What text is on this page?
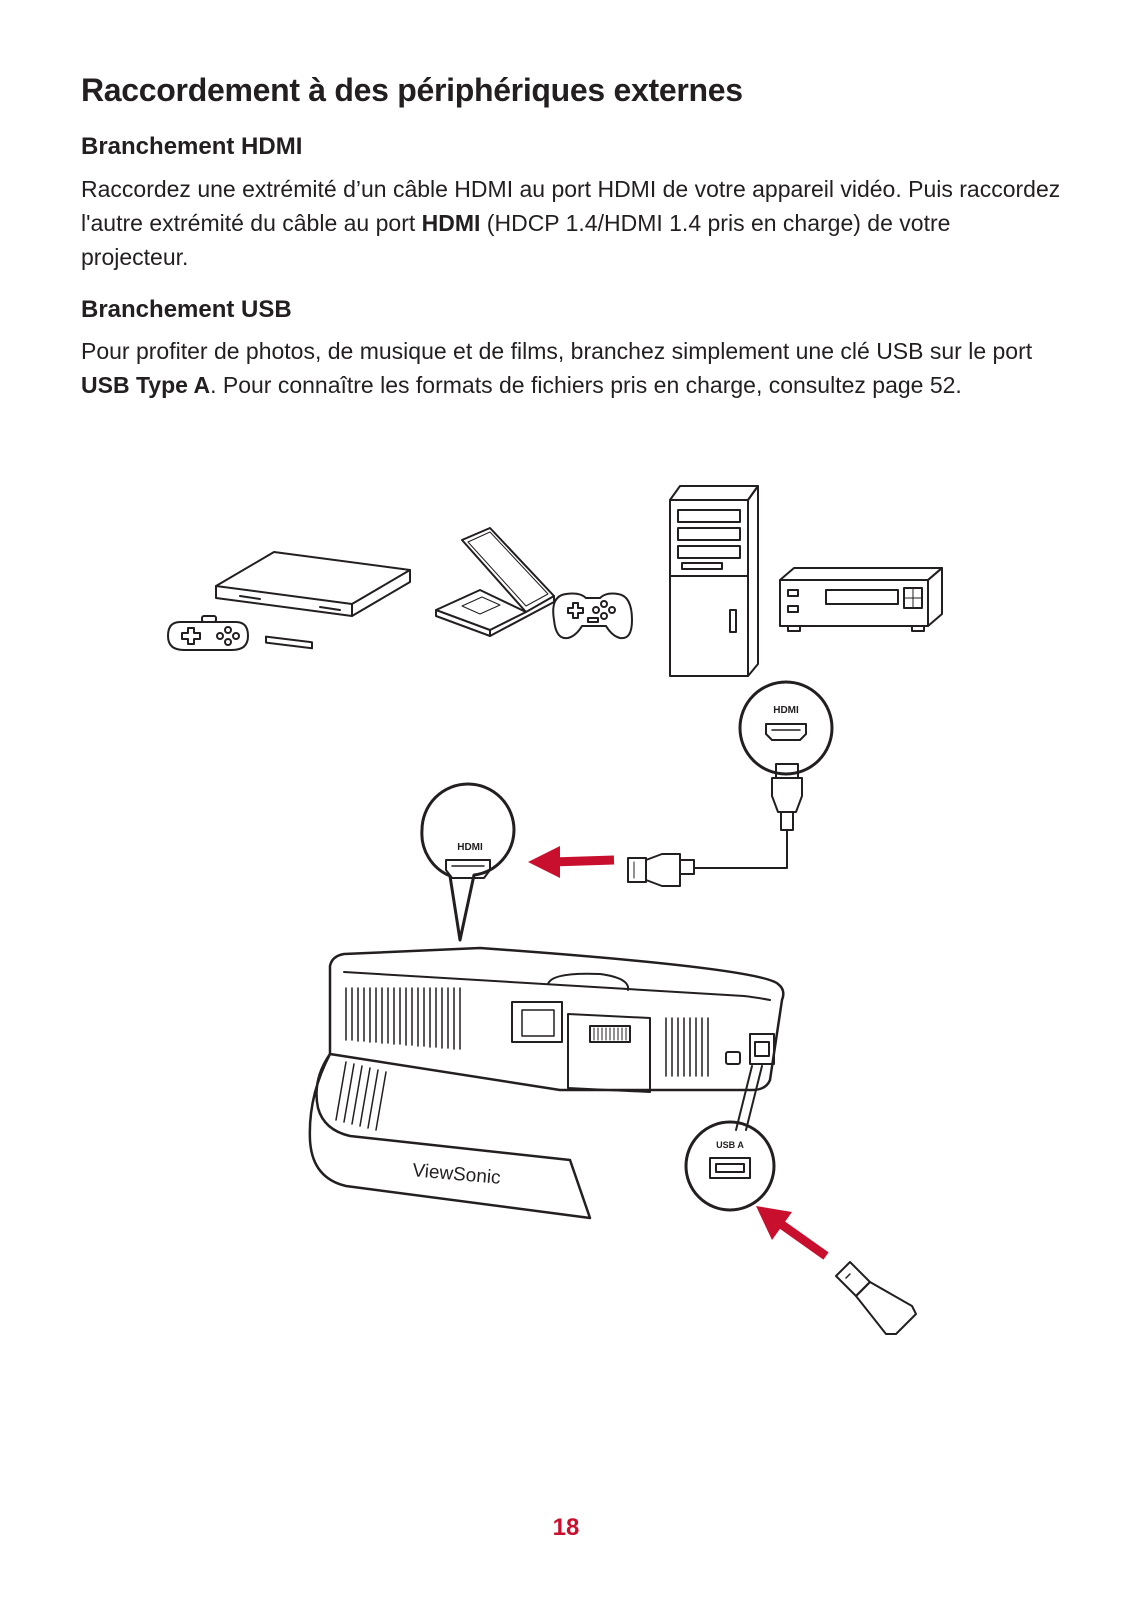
Raccordement à des périphériques externes
Branchement HDMI

Raccordez une extrémité d’un câble HDMI au port HDMI de votre appareil vidéo. Puis raccordez l'autre extrémité du câble au port HDMI (HDCP 1.4/HDMI 1.4 pris en charge) de votre projecteur.

Branchement USB

Pour profiter de photos, de musique et de films, branchez simplement une clé USB sur le port USB Type A. Pour connaître les formats de fichiers pris en charge, consultez page 52.

HDMI
HDMI
USB A
ViewSonic
18
